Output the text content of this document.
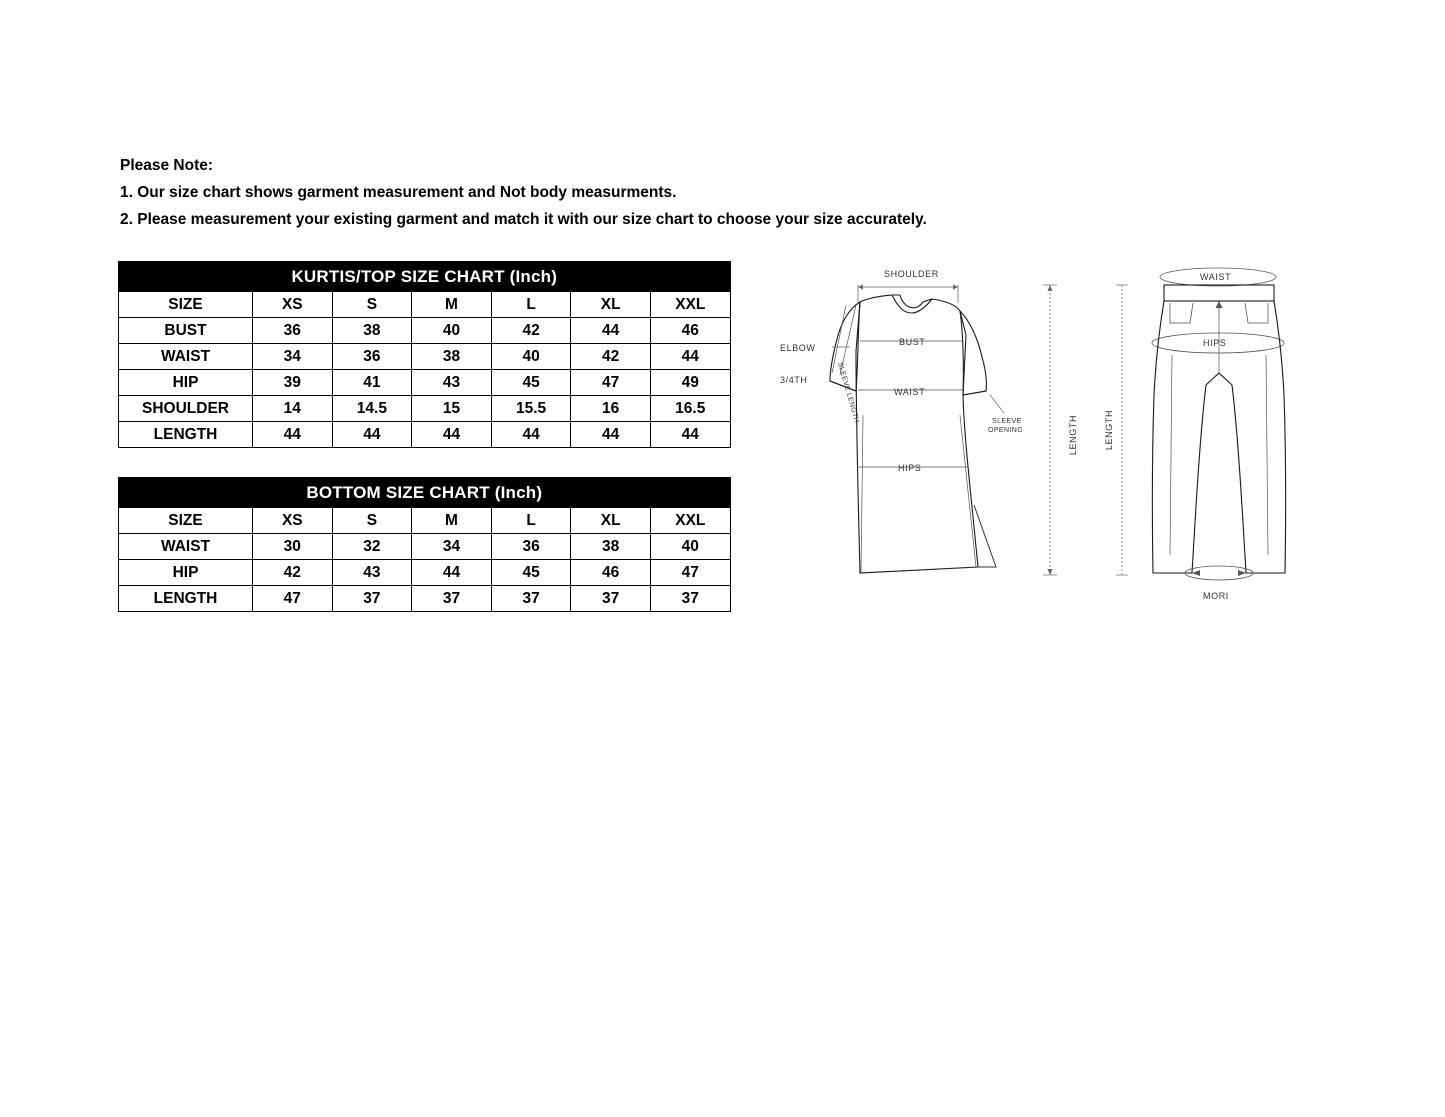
Please Note:
1. Our size chart shows garment measurement and Not body measurments.
2. Please measurement your existing garment and match it with our size chart to choose your size accurately.
KURTIS/TOP SIZE CHART (Inch)						
SIZE	XS	S	M	L	XL	XXL
BUST	36	38	40	42	44	46
WAIST	34	36	38	40	42	44
HIP	39	41	43	45	47	49
SHOULDER	14	14.5	15	15.5	16	16.5
LENGTH	44	44	44	44	44	44
BOTTOM SIZE CHART (Inch)						
SIZE	XS	S	M	L	XL	XXL
WAIST	30	32	34	36	38	40
HIP	42	43	44	45	46	47
LENGTH	47	37	37	37	37	37
SHOULDER
BUST
WAIST
HIPS
ELBOW
3/4TH	SLEEVE LENGTH	SLEEVE
OPENING	LENGTH
WAIST
HIPS
LENGTH
MORI
